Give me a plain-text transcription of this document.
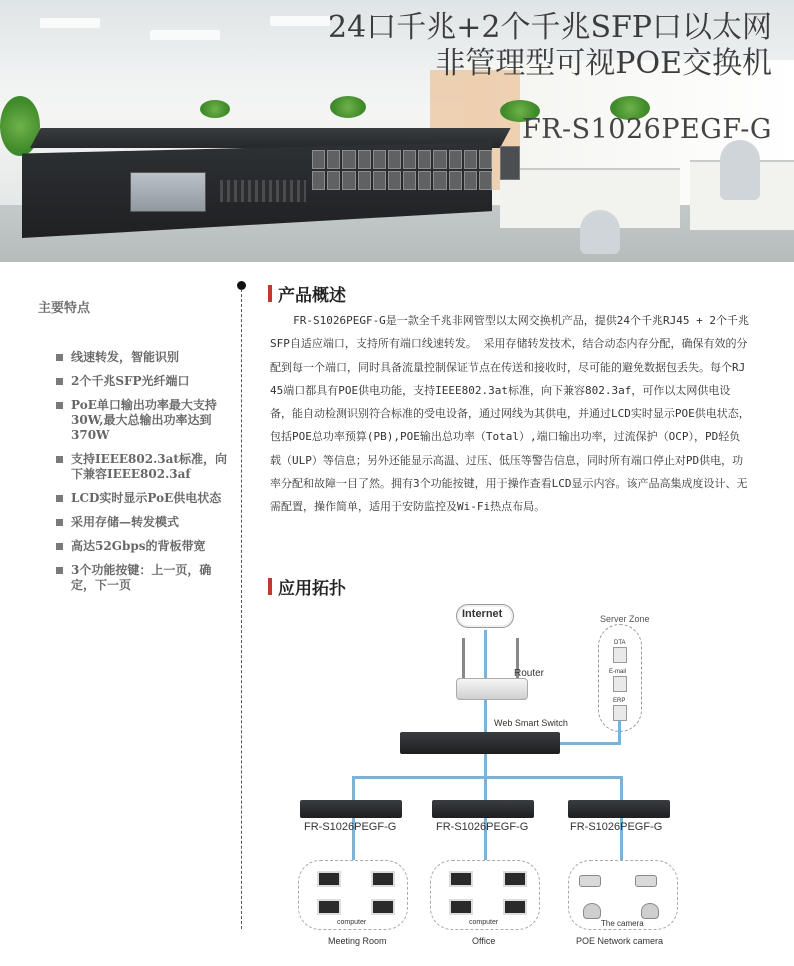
24口千兆+2个千兆SFP口以太网
非管理型可视POE交换机
FR-S1026PEGF-G
主要特点
线速转发，智能识别
2个千兆SFP光纤端口
PoE单口输出功率最大支持30W,最大总输出功率达到370W
支持IEEE802.3at标准，向下兼容IEEE802.3af
LCD实时显示PoE供电状态
采用存储—转发模式
高达52Gbps的背板带宽
3个功能按键：上一页，确定，下一页
产品概述

FR-S1026PEGF-G是一款全千兆非网管型以太网交换机产品，提供24个千兆RJ45 + 2个千兆SFP自适应端口，支持所有端口线速转发。 采用存储转发技术，结合动态内存分配，确保有效的分配到每一个端口，同时具备流量控制保证节点在传送和接收时，尽可能的避免数据包丢失。每个RJ45端口都具有POE供电功能，支持IEEE802.3at标准，向下兼容802.3af，可作以太网供电设备，能自动检测识别符合标准的受电设备，通过网线为其供电，并通过LCD实时显示POE供电状态，包括POE总功率预算(PB),POE输出总功率（Total）,端口输出功率，过流保护（OCP），PD轻负载（ULP）等信息；另外还能显示高温、过压、低压等警告信息，同时所有端口停止对PD供电，功率分配和故障一目了然。拥有3个功能按键，用于操作查看LCD显示内容。该产品高集成度设计、无需配置，操作简单，适用于安防监控及Wi-Fi热点布局。

应用拓扑
Internet
Router
Server Zone
DTA
E-mail
ERP
Web Smart Switch
FR-S1026PEGF-G	FR-S1026PEGF-G	FR-S1026PEGF-G
computer	computer	The camera
Meeting Room	Office	POE Network camera
